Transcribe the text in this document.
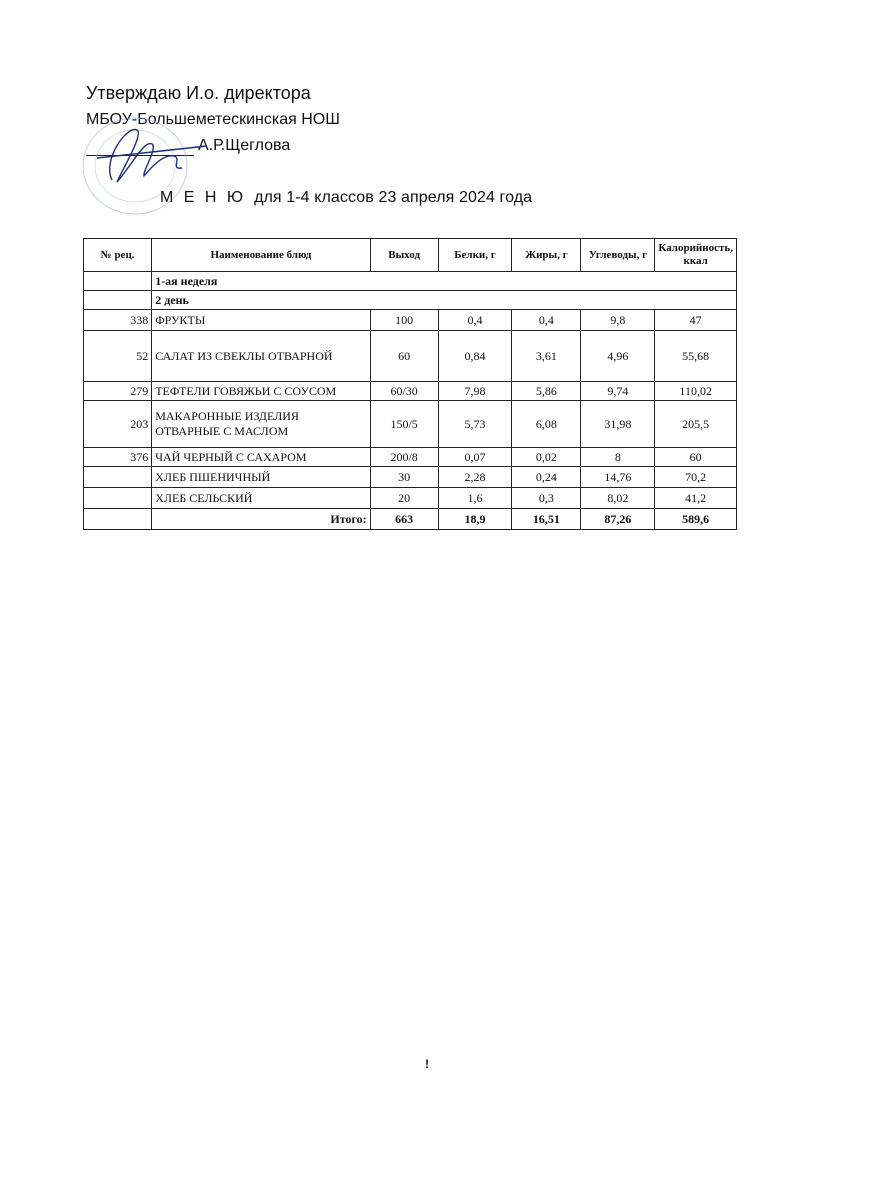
Утверждаю И.о. директора
МБОУ-Большеметескинская НОШ
А.Р.Щеглова
М Е Н Ю для 1-4 классов 23 апреля 2024 года
№ рец.	Наименование блюд	Выход	Белки, г	Жиры, г	Углеводы, г	Калорийность, ккал
	1-ая неделя					
	2 день					
338	ФРУКТЫ	100	0,4	0,4	9,8	47
52	САЛАТ ИЗ СВЕКЛЫ ОТВАРНОЙ	60	0,84	3,61	4,96	55,68
279	ТЕФТЕЛИ ГОВЯЖЬИ С СОУСОМ	60/30	7,98	5,86	9,74	110,02
203	МАКАРОННЫЕ ИЗДЕЛИЯ ОТВАРНЫЕ С МАСЛОМ	150/5	5,73	6,08	31,98	205,5
376	ЧАЙ ЧЕРНЫЙ С САХАРОМ	200/8	0,07	0,02	8	60
	ХЛЕБ ПШЕНИЧНЫЙ	30	2,28	0,24	14,76	70,2
	ХЛЕБ СЕЛЬСКИЙ	20	1,6	0,3	8,02	41,2
	Итого:	663	18,9	16,51	87,26	589,6
!
